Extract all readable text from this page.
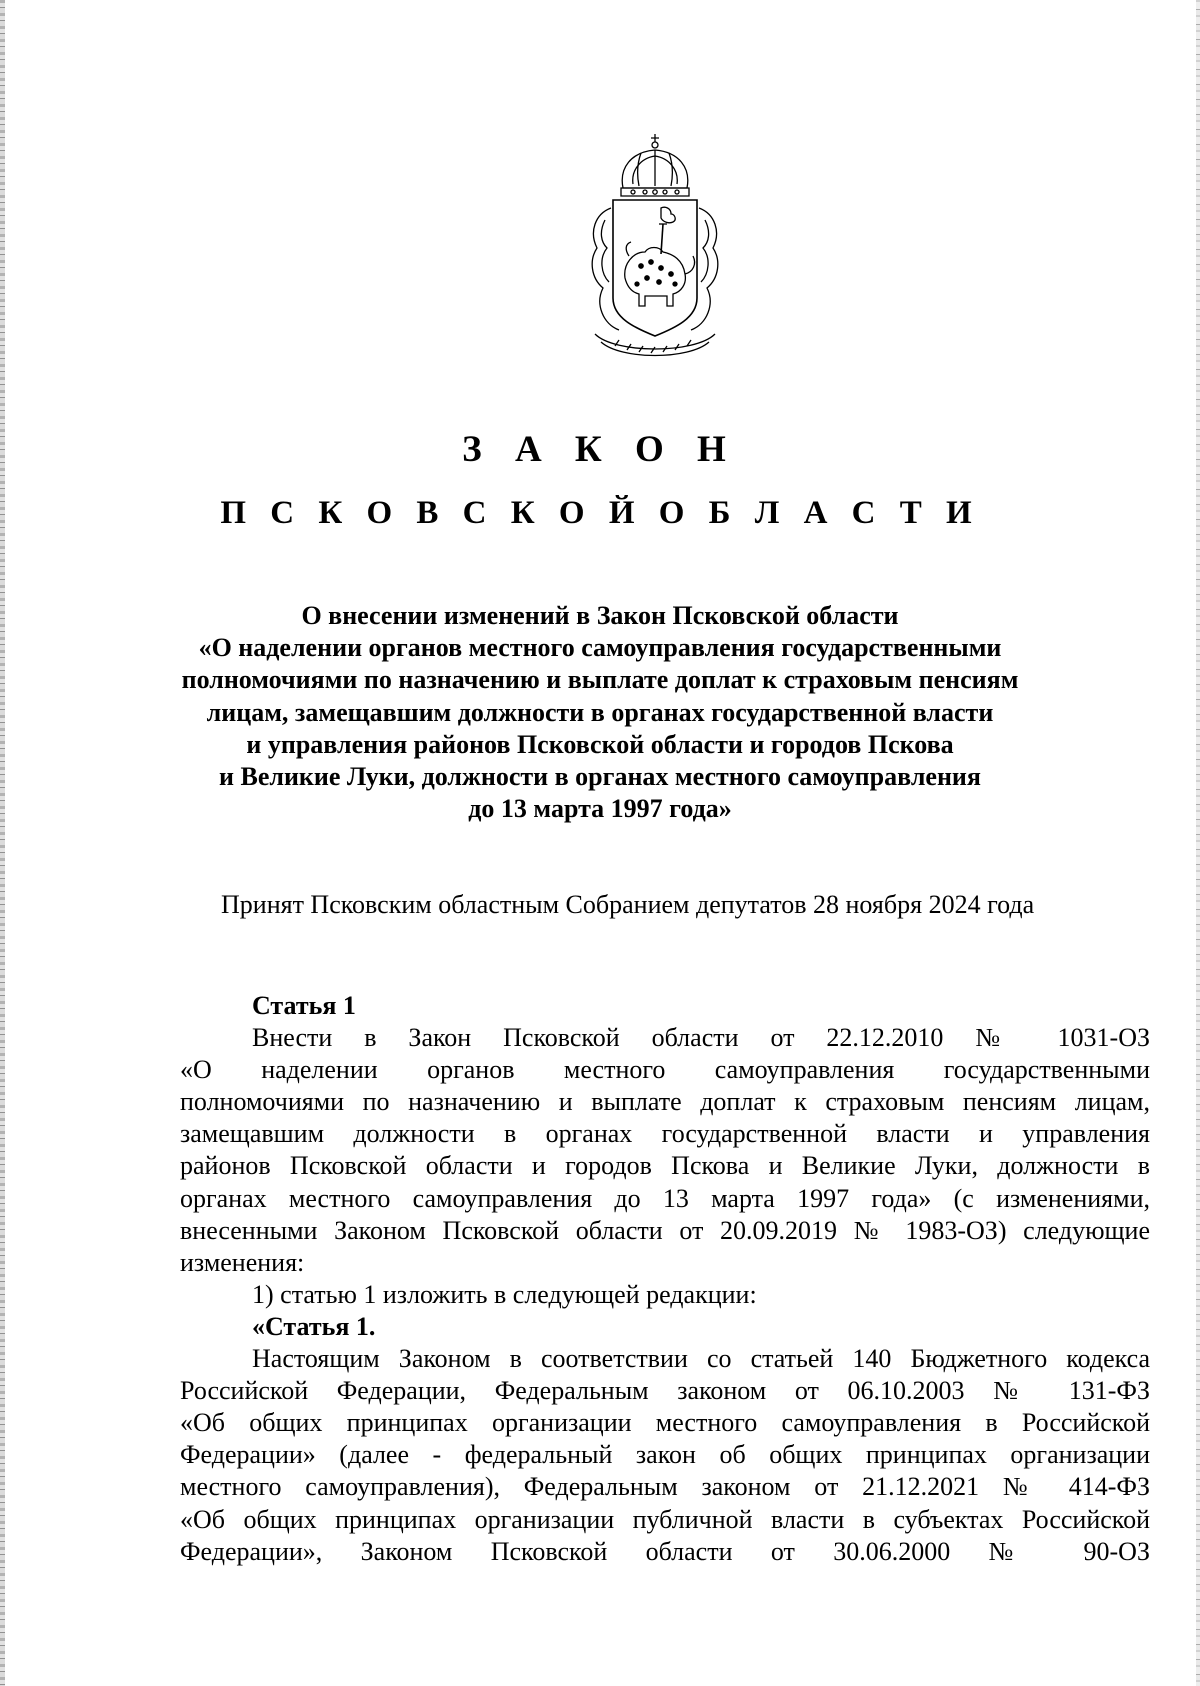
З А К О Н
П С К О В С К О Й О Б Л А С Т И
О внесении изменений в Закон Псковской области
«О наделении органов местного самоуправления государственными
полномочиями по назначению и выплате доплат к страховым пенсиям
лицам, замещавшим должности в органах государственной власти
и управления районов Псковской области и городов Пскова
и Великие Луки, должности в органах местного самоуправления
до 13 марта 1997 года»
Принят Псковским областным Собранием депутатов 28 ноября 2024 года
Статья 1
Внести в Закон Псковской области от 22.12.2010 № 1031-ОЗ
«О наделении органов местного самоуправления государственными
полномочиями по назначению и выплате доплат к страховым пенсиям лицам,
замещавшим должности в органах государственной власти и управления
районов Псковской области и городов Пскова и Великие Луки, должности в
органах местного самоуправления до 13 марта 1997 года» (с изменениями,
внесенными Законом Псковской области от 20.09.2019 № 1983-ОЗ) следующие
изменения:
1) статью 1 изложить в следующей редакции:
«Статья 1.
Настоящим Законом в соответствии со статьей 140 Бюджетного кодекса
Российской Федерации, Федеральным законом от 06.10.2003 № 131-ФЗ
«Об общих принципах организации местного самоуправления в Российской
Федерации» (далее - федеральный закон об общих принципах организации
местного самоуправления), Федеральным законом от 21.12.2021 № 414-ФЗ
«Об общих принципах организации публичной власти в субъектах Российской
Федерации», Законом Псковской области от 30.06.2000 № 90-ОЗ
